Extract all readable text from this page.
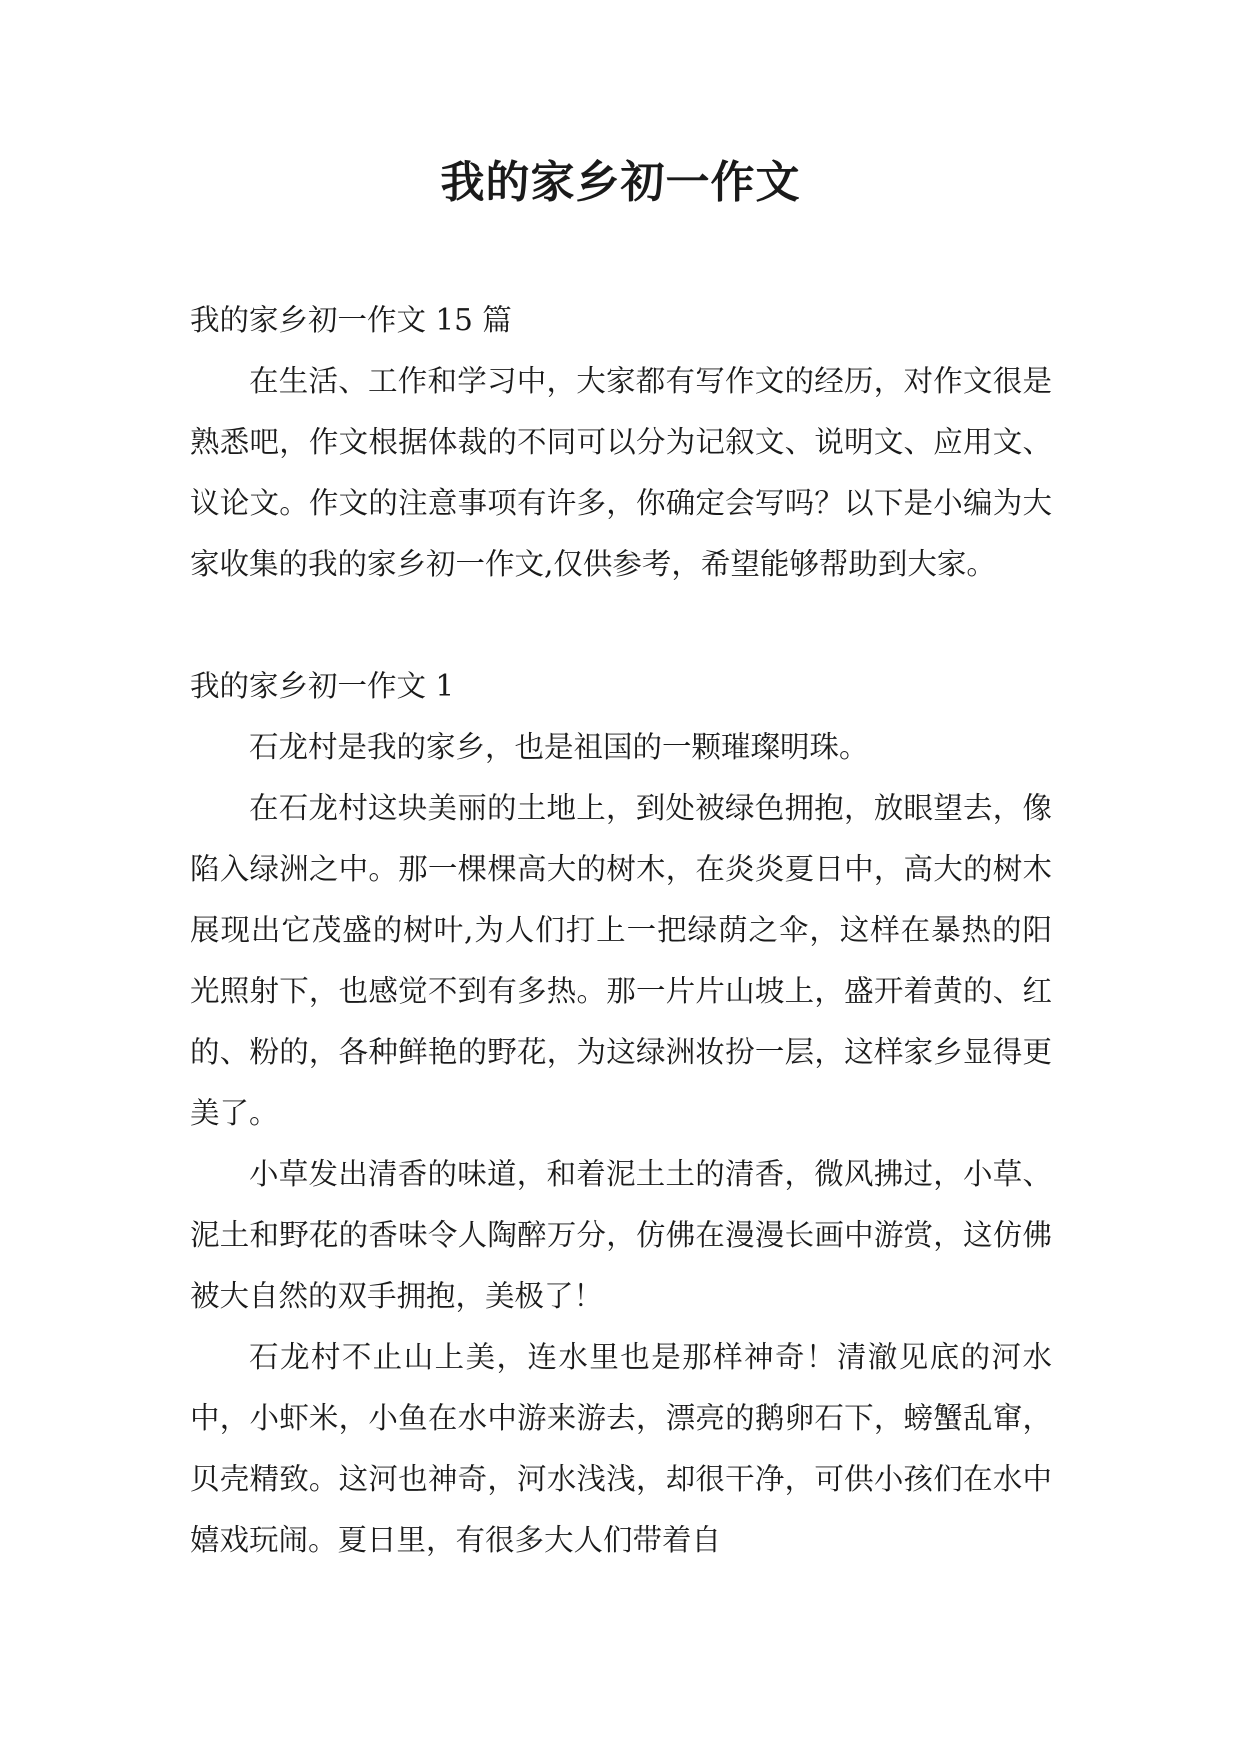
我的家乡初一作文

我的家乡初一作文 15 篇

在生活、工作和学习中，大家都有写作文的经历，对作文很是熟悉吧，作文根据体裁的不同可以分为记叙文、说明文、应用文、议论文。作文的注意事项有许多，你确定会写吗？以下是小编为大家收集的我的家乡初一作文,仅供参考，希望能够帮助到大家。

我的家乡初一作文 1

石龙村是我的家乡，也是祖国的一颗璀璨明珠。

在石龙村这块美丽的土地上，到处被绿色拥抱，放眼望去，像陷入绿洲之中。那一棵棵高大的树木，在炎炎夏日中，高大的树木展现出它茂盛的树叶,为人们打上一把绿荫之伞，这样在暴热的阳光照射下，也感觉不到有多热。那一片片山坡上，盛开着黄的、红的、粉的，各种鲜艳的野花，为这绿洲妆扮一层，这样家乡显得更美了。

小草发出清香的味道，和着泥土土的清香，微风拂过，小草、泥土和野花的香味令人陶醉万分，仿佛在漫漫长画中游赏，这仿佛被大自然的双手拥抱，美极了！

石龙村不止山上美，连水里也是那样神奇！清澈见底的河水中，小虾米，小鱼在水中游来游去，漂亮的鹅卵石下，螃蟹乱窜，贝壳精致。这河也神奇，河水浅浅，却很干净，可供小孩们在水中嬉戏玩闹。夏日里，有很多大人们带着自
